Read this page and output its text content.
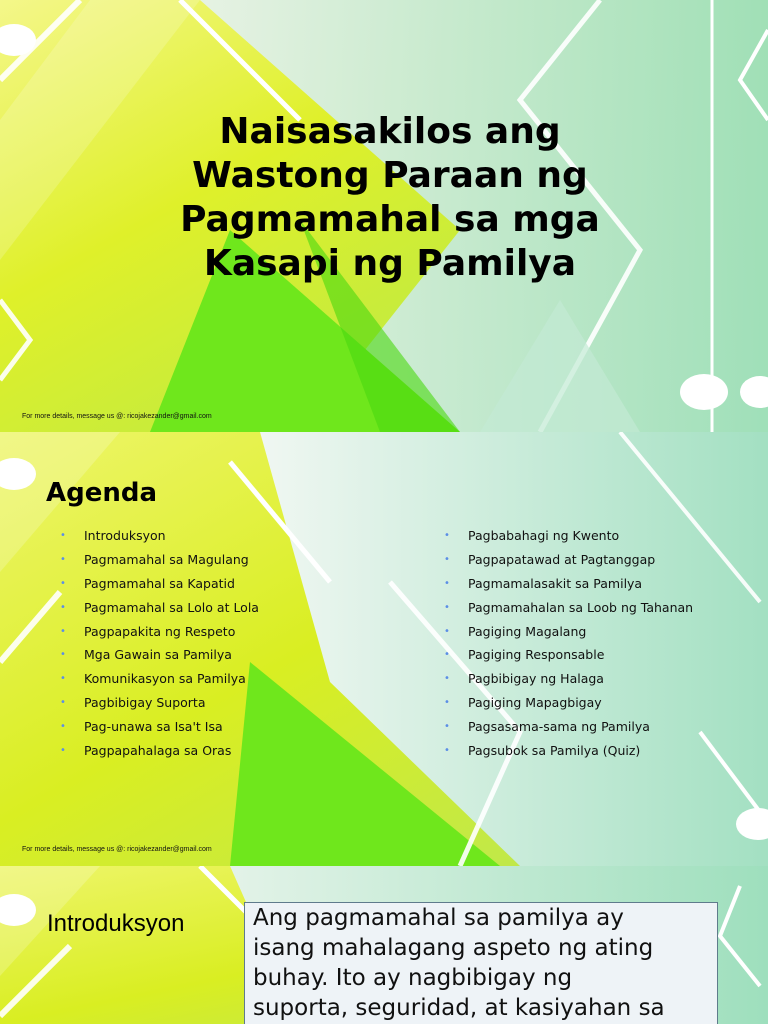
Naisasakilos ang
Wastong Paraan ng
Pagmamahal sa mga
Kasapi ng Pamilya
For more details, message us @: ricojakezander@gmail.com
Agenda
• Introduksyon
• Pagmamahal sa Magulang
• Pagmamahal sa Kapatid
• Pagmamahal sa Lolo at Lola
• Pagpapakita ng Respeto
• Mga Gawain sa Pamilya
• Komunikasyon sa Pamilya
• Pagbibigay Suporta
• Pag-unawa sa Isa't Isa
• Pagpapahalaga sa Oras
• Pagbabahagi ng Kwento
• Pagpapatawad at Pagtanggap
• Pagmamalasakit sa Pamilya
• Pagmamahalan sa Loob ng Tahanan
• Pagiging Magalang
• Pagiging Responsable
• Pagbibigay ng Halaga
• Pagiging Mapagbigay
• Pagsasama-sama ng Pamilya
• Pagsubok sa Pamilya (Quiz)
For more details, message us @: ricojakezander@gmail.com
Introduksyon	Ang pagmamahal sa pamilya ay
isang mahalagang aspeto ng ating
buhay. Ito ay nagbibigay ng
suporta, seguridad, at kasiyahan sa
